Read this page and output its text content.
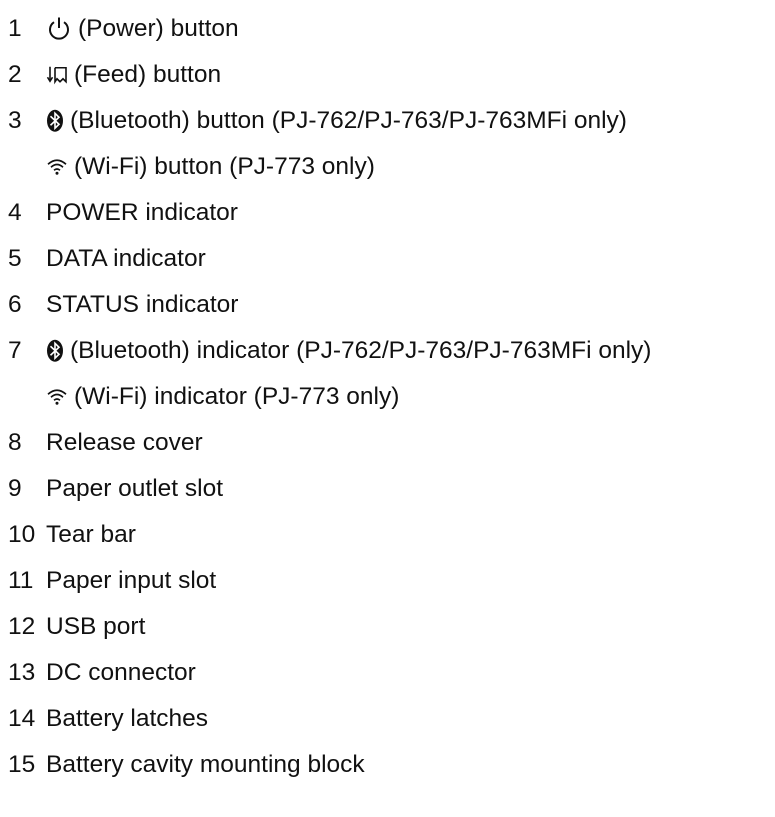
1 (Power) button
2 (Feed) button
3 (Bluetooth) button (PJ-762/PJ-763/PJ-763MFi only)
(Wi-Fi) button (PJ-773 only)
4 POWER indicator
5 DATA indicator
6 STATUS indicator
7 (Bluetooth) indicator (PJ-762/PJ-763/PJ-763MFi only)
(Wi-Fi) indicator (PJ-773 only)
8 Release cover
9 Paper outlet slot
10 Tear bar
11 Paper input slot
12 USB port
13 DC connector
14 Battery latches
15 Battery cavity mounting block
